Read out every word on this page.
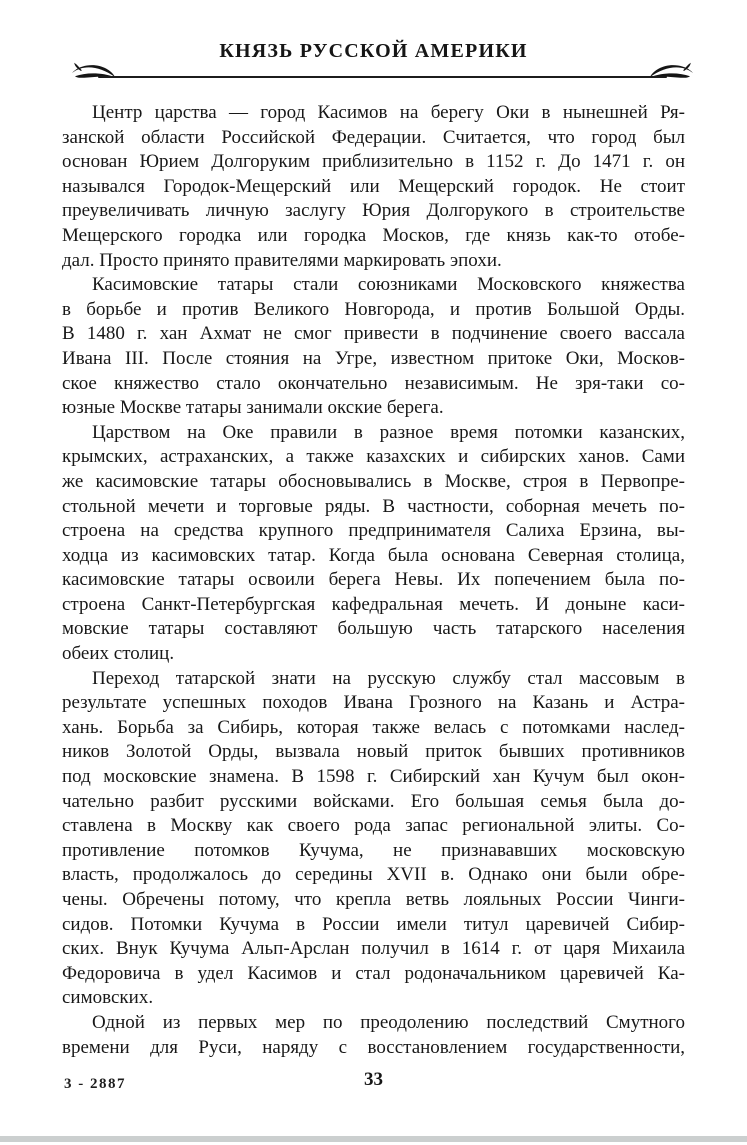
КНЯЗЬ РУССКОЙ АМЕРИКИ
Центр царства — город Касимов на берегу Оки в нынешней Ря-
занской области Российской Федерации. Считается, что город был
основан Юрием Долгоруким приблизительно в 1152 г. До 1471 г. он
назывался Городок-Мещерский или Мещерский городок. Не стоит
преувеличивать личную заслугу Юрия Долгорукого в строительстве
Мещерского городка или городка Москов, где князь как-то отобе-
дал. Просто принято правителями маркировать эпохи.
Касимовские татары стали союзниками Московского княжества
в борьбе и против Великого Новгорода, и против Большой Орды.
В 1480 г. хан Ахмат не смог привести в подчинение своего вассала
Ивана III. После стояния на Угре, известном притоке Оки, Москов-
ское княжество стало окончательно независимым. Не зря-таки со-
юзные Москве татары занимали окские берега.
Царством на Оке правили в разное время потомки казанских,
крымских, астраханских, а также казахских и сибирских ханов. Сами
же касимовские татары обосновывались в Москве, строя в Первопре-
стольной мечети и торговые ряды. В частности, соборная мечеть по-
строена на средства крупного предпринимателя Салиха Ерзина, вы-
ходца из касимовских татар. Когда была основана Северная столица,
касимовские татары освоили берега Невы. Их попечением была по-
строена Санкт-Петербургская кафедральная мечеть. И доныне каси-
мовские татары составляют большую часть татарского населения
обеих столиц.
Переход татарской знати на русскую службу стал массовым в
результате успешных походов Ивана Грозного на Казань и Астра-
хань. Борьба за Сибирь, которая также велась с потомками наслед-
ников Золотой Орды, вызвала новый приток бывших противников
под московские знамена. В 1598 г. Сибирский хан Кучум был окон-
чательно разбит русскими войсками. Его большая семья была до-
ставлена в Москву как своего рода запас региональной элиты. Со-
противление потомков Кучума, не признававших московскую
власть, продолжалось до середины XVII в. Однако они были обре-
чены. Обречены потому, что крепла ветвь лояльных России Чинги-
сидов. Потомки Кучума в России имели титул царевичей Сибир-
ских. Внук Кучума Альп-Арслан получил в 1614 г. от царя Михаила
Федоровича в удел Касимов и стал родоначальником царевичей Ка-
симовских.
Одной из первых мер по преодолению последствий Смутного
времени для Руси, наряду с восстановлением государственности,
3 - 2887	33
